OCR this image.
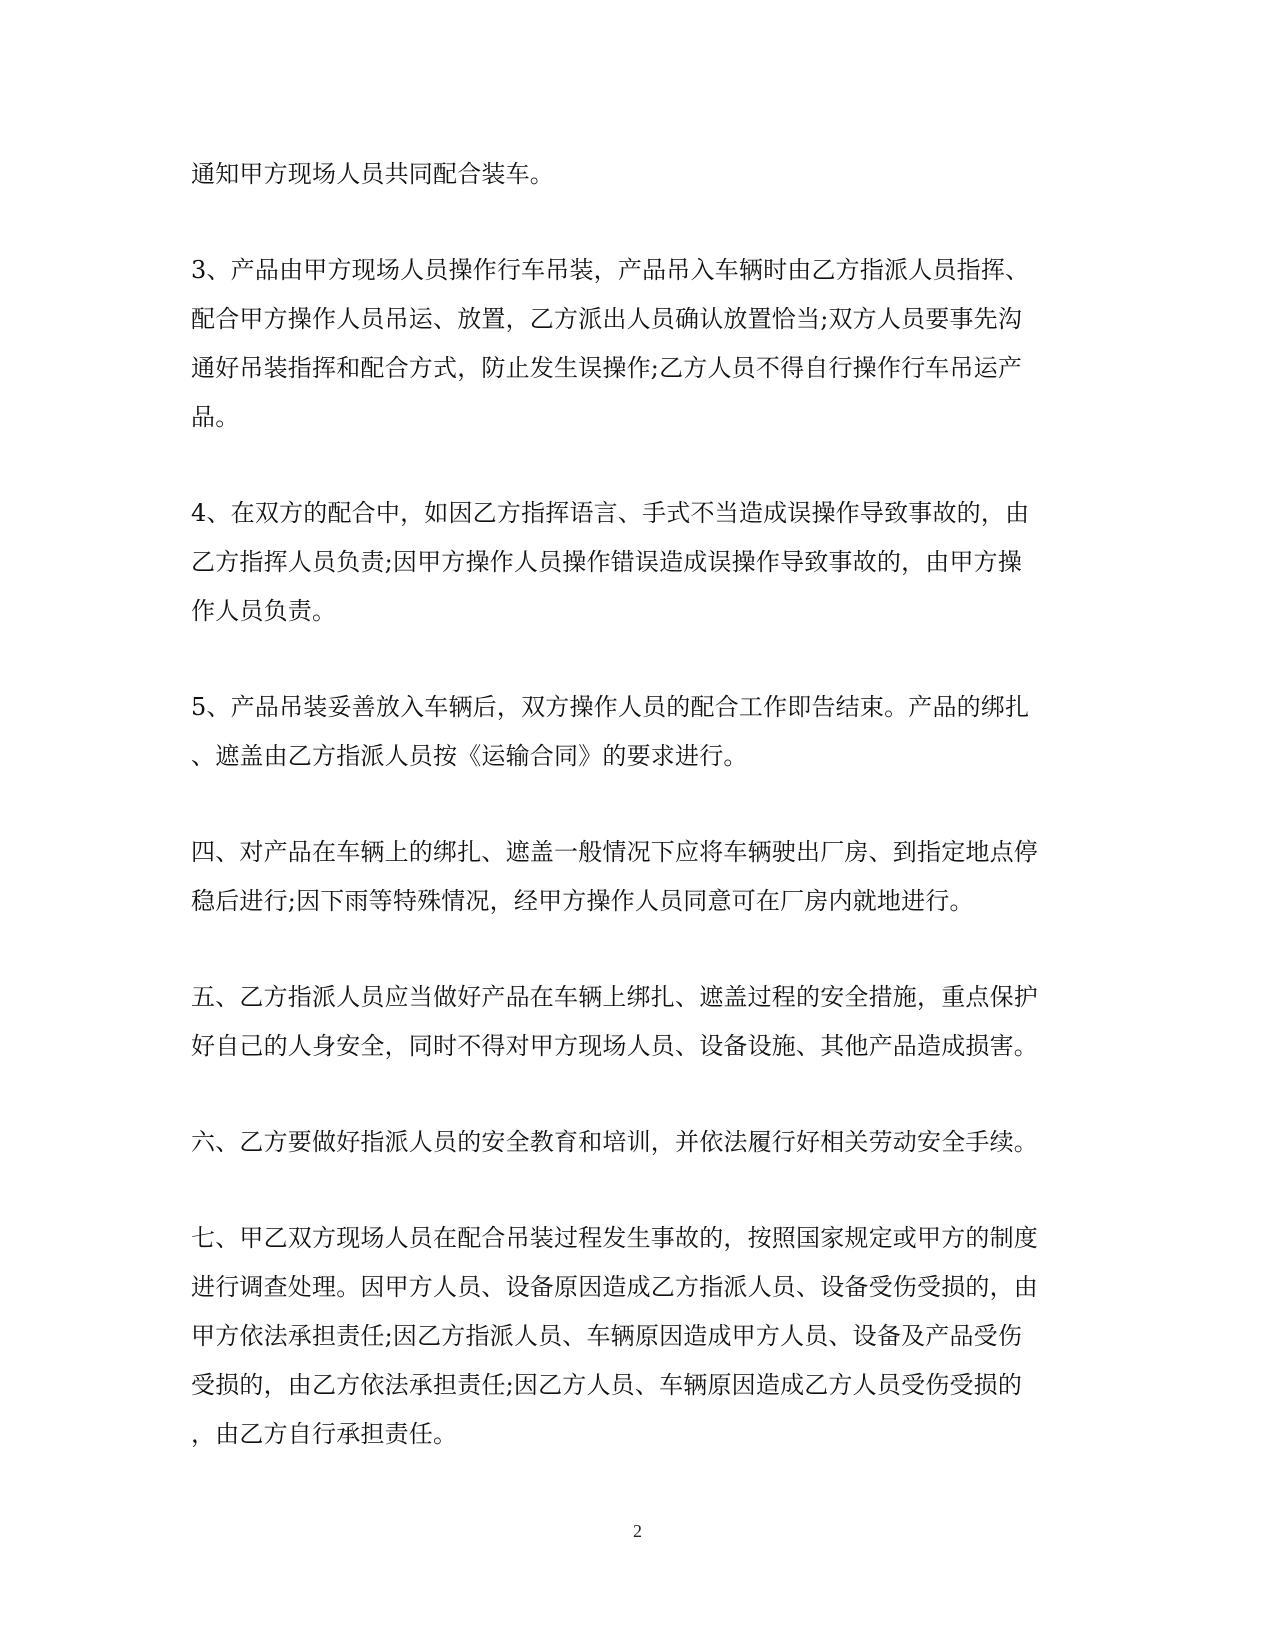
通知甲方现场人员共同配合装车。
3、产品由甲方现场人员操作行车吊装，产品吊入车辆时由乙方指派人员指挥、
配合甲方操作人员吊运、放置，乙方派出人员确认放置恰当;双方人员要事先沟
通好吊装指挥和配合方式，防止发生误操作;乙方人员不得自行操作行车吊运产
品。
4、在双方的配合中，如因乙方指挥语言、手式不当造成误操作导致事故的，由
乙方指挥人员负责;因甲方操作人员操作错误造成误操作导致事故的，由甲方操
作人员负责。
5、产品吊装妥善放入车辆后，双方操作人员的配合工作即告结束。产品的绑扎
、遮盖由乙方指派人员按《运输合同》的要求进行。
四、对产品在车辆上的绑扎、遮盖一般情况下应将车辆驶出厂房、到指定地点停
稳后进行;因下雨等特殊情况，经甲方操作人员同意可在厂房内就地进行。
五、乙方指派人员应当做好产品在车辆上绑扎、遮盖过程的安全措施，重点保护
好自己的人身安全，同时不得对甲方现场人员、设备设施、其他产品造成损害。
六、乙方要做好指派人员的安全教育和培训，并依法履行好相关劳动安全手续。
七、甲乙双方现场人员在配合吊装过程发生事故的，按照国家规定或甲方的制度
进行调查处理。因甲方人员、设备原因造成乙方指派人员、设备受伤受损的，由
甲方依法承担责任;因乙方指派人员、车辆原因造成甲方人员、设备及产品受伤
受损的，由乙方依法承担责任;因乙方人员、车辆原因造成乙方人员受伤受损的
，由乙方自行承担责任。
2
